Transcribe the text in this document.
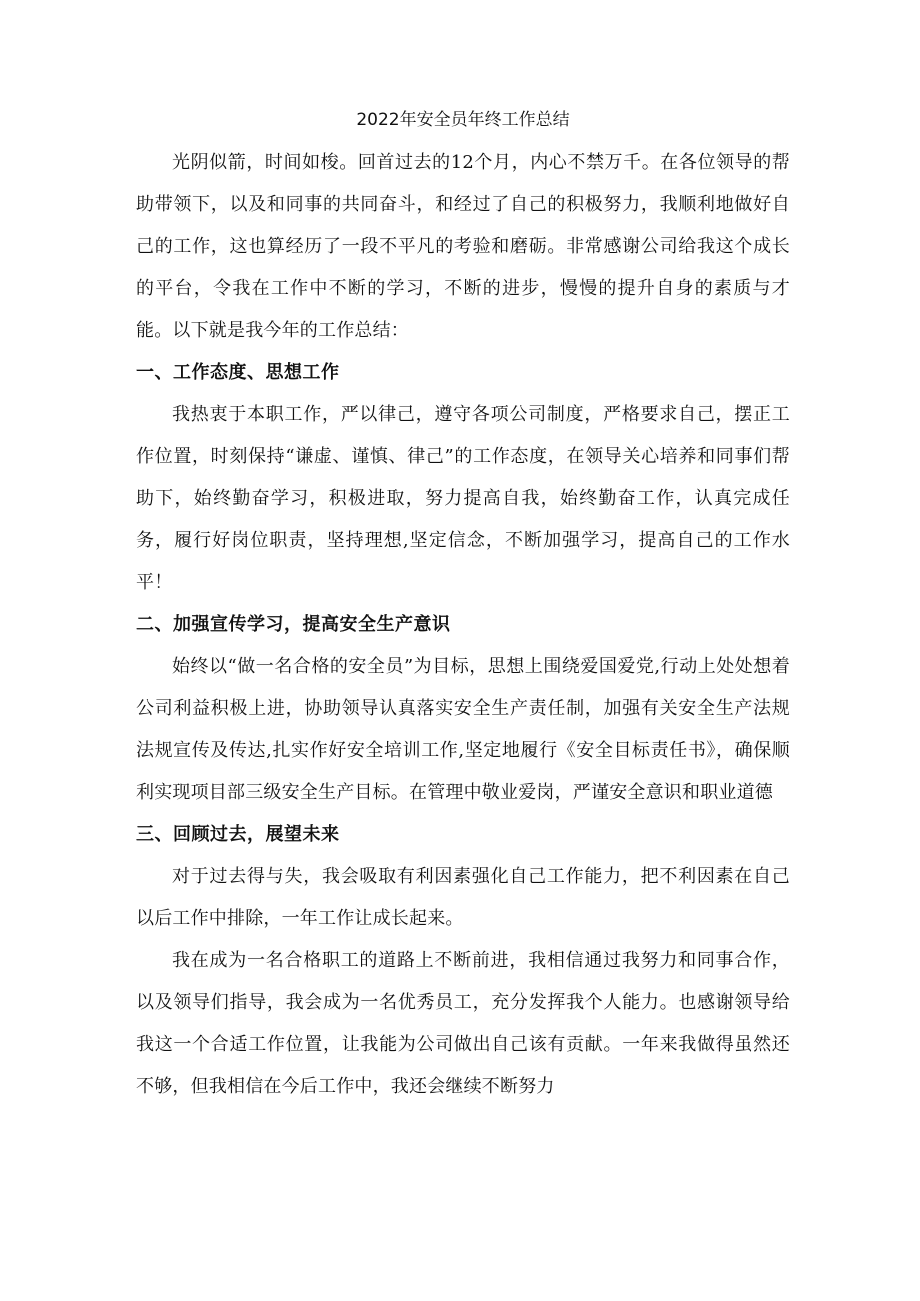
2022年安全员年终工作总结

光阴似箭，时间如梭。回首过去的12个月，内心不禁万千。在各位领导的帮助带领下，以及和同事的共同奋斗，和经过了自己的积极努力，我顺利地做好自己的工作，这也算经历了一段不平凡的考验和磨砺。非常感谢公司给我这个成长的平台，令我在工作中不断的学习，不断的进步，慢慢的提升自身的素质与才能。以下就是我今年的工作总结：

一、工作态度、思想工作

我热衷于本职工作，严以律己，遵守各项公司制度，严格要求自己，摆正工作位置，时刻保持“谦虚、谨慎、律己”的工作态度，在领导关心培养和同事们帮助下，始终勤奋学习，积极进取，努力提高自我，始终勤奋工作，认真完成任务，履行好岗位职责，坚持理想,坚定信念，不断加强学习，提高自己的工作水平！

二、加强宣传学习，提高安全生产意识

始终以“做一名合格的安全员”为目标，思想上围绕爱国爱党,行动上处处想着公司利益积极上进，协助领导认真落实安全生产责任制，加强有关安全生产法规法规宣传及传达,扎实作好安全培训工作,坚定地履行《安全目标责任书》，确保顺利实现项目部三级安全生产目标。在管理中敬业爱岗，严谨安全意识和职业道德

三、回顾过去，展望未来

对于过去得与失，我会吸取有利因素强化自己工作能力，把不利因素在自己以后工作中排除，一年工作让成长起来。

我在成为一名合格职工的道路上不断前进，我相信通过我努力和同事合作，以及领导们指导，我会成为一名优秀员工，充分发挥我个人能力。也感谢领导给我这一个合适工作位置，让我能为公司做出自己该有贡献。一年来我做得虽然还不够，但我相信在今后工作中，我还会继续不断努力
